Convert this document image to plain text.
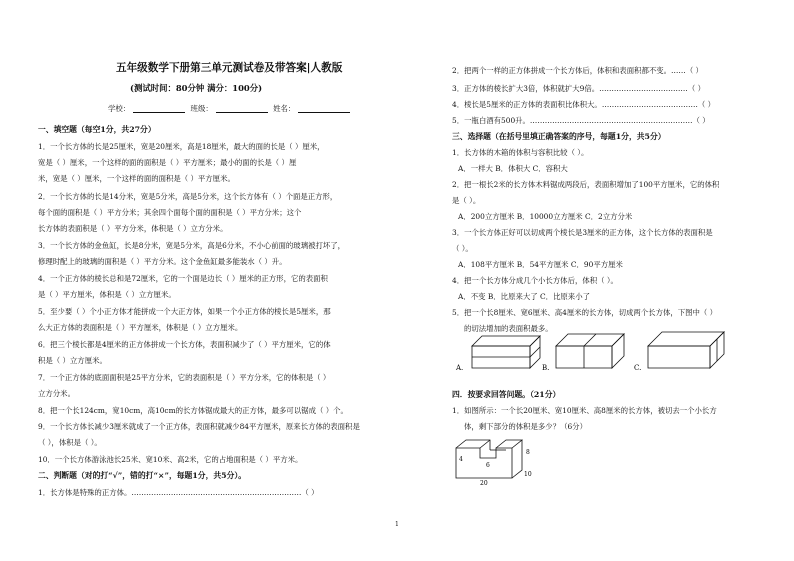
五年级数学下册第三单元测试卷及带答案|人教版
(测试时间：80分钟 满分：100分)
学校：	班级：	姓名：
一、填空题（每空1分，共27分）
1．一个长方体的长是25厘米，宽是20厘米，高是18厘米，最大的面的长是（ ）厘米，
宽是（ ）厘米，一个这样的面的面积是（ ）平方厘米；最小的面的长是（ ）厘
米，宽是（ ）厘米，一个这样的面的面积是（ ）平方厘米。
2．一个长方体的长是14分米，宽是5分米，高是5分米，这个长方体有（ ）个面是正方形，
每个面的面积是（ ）平方分米；其余四个面每个面的面积是（ ）平方分米；这个
长方体的表面积是（ ）平方分米，体积是（ ）立方分米。
3．一个长方体的金鱼缸，长是8分米，宽是5分米，高是6分米，不小心前面的玻璃被打坏了，
修理时配上的玻璃的面积是（ ）平方分米。这个金鱼缸最多能装水（ ）升。
4．一个正方体的棱长总和是72厘米，它的一个面是边长（ ）厘米的正方形，它的表面积
是（ ）平方厘米，体积是（ ）立方厘米。
5．至少要（ ）个小正方体才能拼成一个大正方体，如果一个小正方体的棱长是5厘米，那
么大正方体的表面积是（ ）平方厘米，体积是（ ）立方厘米。
6．把三个棱长都是4厘米的正方体拼成一个长方体，表面积减少了（ ）平方厘米，它的体
积是（ ）立方厘米。
7．一个正方体的底面面积是25平方分米，它的表面积是（ ）平方分米，它的体积是（ ）
立方分米。
8．把一个长124cm，宽10cm，高10cm的长方体锯成最大的正方体，最多可以锯成（ ）个。
9．一个长方体长减少3厘米就成了一个正方体，表面积就减少84平方厘米，原来长方体的表面积是
（ ），体积是（ ）。
10．一个长方体游泳池长25米、宽10米、高2米，它的占地面积是（ ）平方米。
二、判断题（对的打“√”，错的打“×”，每题1分，共5分）。
1．长方体是特殊的正方体。……………………………………………………………（ ）
2．把两个一样的正方体拼成一个长方体后，体积和表面积都不变。……（ ）
3．正方体的棱长扩大3倍，体积就扩大9倍。………………………………（ ）
4．棱长是5厘米的正方体的表面积比体积大。…………………………………（ ）
5．一瓶白酒有500升。…………………………………………………………（ ）
三、选择题（在括号里填正确答案的序号，每题1分，共5分）
1．长方体的木箱的体积与容积比较（ ）。
A．一样大 B．体积大 C．容积大
2．把一根长2米的长方体木料锯成两段后，表面积增加了100平方厘米，它的体积
是（ ）。
A．200立方厘米 B．10000立方厘米 C．2立方分米
3．一个长方体正好可以切成两个棱长是3厘米的正方体，这个长方体的表面积是
（ ）。
A．108平方厘米 B．54平方厘米 C．90平方厘米
4．把一个长方体分成几个小长方体后，体积（ ）。
A．不变 B．比原来大了 C．比原来小了
5．把一个长8厘米、宽6厘米、高4厘米的长方体，切成两个长方体，下图中（ ）
的切法增加的表面积最多。
A.	B.	C.
四．按要求回答问题。（21分）
1．如图所示：一个长20厘米、宽10厘米、高8厘米的长方体，被切去一个小长方
体，剩下部分的体积是多少？（6分）
4
6
8
10
20
1
